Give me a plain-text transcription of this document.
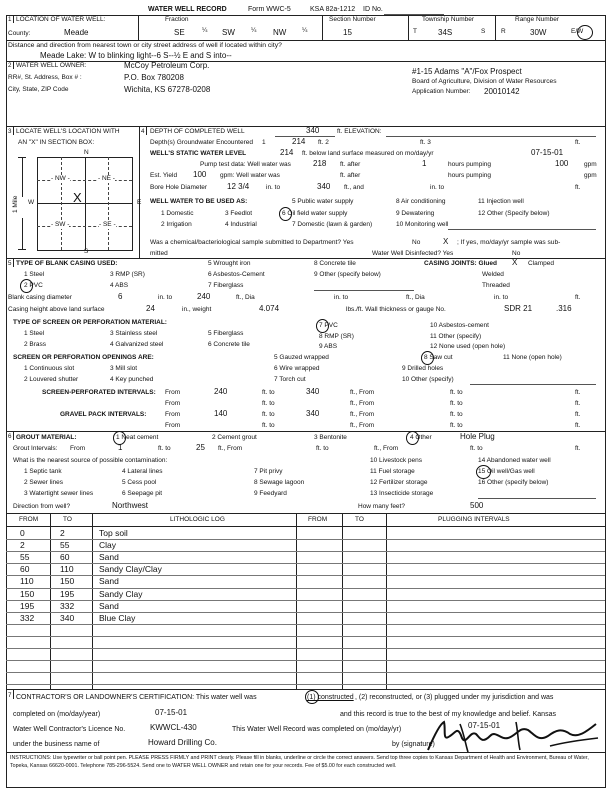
WATER WELL RECORD	Form WWC-5	KSA 82a-1212 ID No.
1 LOCATION OF WATER WELL:	Fraction	Section Number	Township Number	Range Number
County:	Meade	SE	¼ SW ¼ NW ¼	15	T	34S	S R	30W	E/W
Distance and direction from nearest town or city street address of well if located within city?
Meade Lake: W to blinking light--6 S--½ E and S into--
2 WATER WELL OWNER:	McCoy Petroleum Corp.
RR#, St. Address, Box # :	P.O. Box 780208
City, State, ZIP Code	Wichita, KS 67278-0208
#1-15 Adams "A"/Fox Prospect
Board of Agriculture, Division of Water Resources
Application Number: 20010142
3 LOCATE WELL'S LOCATION WITH
AN "X" IN SECTION BOX:
N
S
W	E
1 Mile
- NW -	- NE -
- SW -	- SE -
X
4 DEPTH OF COMPLETED WELL	340	ft. ELEVATION:
Depth(s) Groundwater Encountered 1	214 ft. 2	ft. 3	ft.
WELL'S STATIC WATER LEVEL	214 ft. below land surface measured on mo/day/yr	07-15-01
Pump test data: Well water was	218 ft. after	1	hours pumping	100 gpm
Est. Yield 100 gpm: Well water was	ft. after	hours pumping	gpm
Bore Hole Diameter 12 3/4	in. to	340 ft., and	in. to	ft.
WELL WATER TO BE USED AS:	5 Public water supply	8 Air conditioning	11 Injection well
1 Domestic	3 Feedlot	6 Oil field water supply	9 Dewatering	12 Other (Specify below)
2 Irrigation	4 Industrial	7 Domestic (lawn & garden)	10 Monitoring well
Was a chemical/bacteriological sample submitted to Department? Yes	No	X ; If yes, mo/day/yr sample was sub-
mitted	Water Well Disinfected? Yes	No
5 TYPE OF BLANK CASING USED:	5 Wrought iron	8 Concrete tile	CASING JOINTS: Glued X Clamped
1 Steel	3 RMP (SR)	6 Asbestos-Cement	9 Other (specify below)	Welded
2 PVC	4 ABS	7 Fiberglass	Threaded
Blank casing diameter	6	in. to	240	ft., Dia	in. to	ft., Dia	in. to	ft.
Casing height above land surface	24	in., weight	4.074	lbs./ft. Wall thickness or gauge No.	SDR 21	.316
TYPE OF SCREEN OR PERFORATION MATERIAL:
1 Steel	3 Stainless steel	5 Fiberglass
7 PVC	10 Asbestos-cement
2 Brass	4 Galvanized steel	6 Concrete tile
8 RMP (SR)	11 Other (specify)
9 ABS	12 None used (open hole)
SCREEN OR PERFORATION OPENINGS ARE:	5 Gauzed wrapped	8 Saw cut	11 None (open hole)
1 Continuous slot	3 Mill slot	6 Wire wrapped	9 Drilled holes
2 Louvered shutter	4 Key punched	7 Torch cut	10 Other (specify)
SCREEN-PERFORATED INTERVALS: From	240	ft. to	340	ft., From	ft. to	ft.
From	ft. to	ft., From	ft. to	ft.
GRAVEL PACK INTERVALS:	From	140	ft. to	340	ft., From	ft. to	ft.
From	ft. to	ft., From	ft. to	ft.
6 GROUT MATERIAL:	1 Neat cement	2 Cement grout	3 Bentonite	4 Other	Hole Plug
Grout Intervals: From	1	ft. to	25 ft., From	ft. to	ft., From	ft. to	ft.
What is the nearest source of possible contamination:	10 Livestock pens	14 Abandoned water well
1 Septic tank	4 Lateral lines	7 Pit privy	11 Fuel storage	15 Oil well/Gas well
2 Sewer lines	5 Cess pool	8 Sewage lagoon	12 Fertilizer storage	16 Other (specify below)
3 Watertight sewer lines	6 Seepage pit	9 Feedyard	13 Insecticide storage
Direction from well?	Northwest	How many feet?	500
FROM	TO	LITHOLOGIC LOG	FROM	TO	PLUGGING INTERVALS
0	2	Top soil
2	55	Clay
55	60	Sand
60	110	Sandy Clay/Clay
110	150	Sand
150	195	Sandy Clay
195	332	Sand
332	340	Blue Clay
7 CONTRACTOR'S OR LANDOWNER'S CERTIFICATION: This water well was	(1) constructed , (2) reconstructed, or (3) plugged under my jurisdiction and was
completed on (mo/day/year)	07-15-01	and this record is true to the best of my knowledge and belief. Kansas
Water Well Contractor's Licence No.	KWWCL-430	This Water Well Record was completed on (mo/day/yr)	07-15-01
under the business name of	Howard Drilling Co.	by (signature)
INSTRUCTIONS: Use typewriter or ball point pen. PLEASE PRESS FIRMLY and PRINT clearly. Please fill in blanks, underline or circle the correct answers. Send top three copies to Kansas Department of Health and Environment, Bureau of Water, Topeka, Kansas 66620-0001. Telephone 785-296-5524. Send one to WATER WELL OWNER and retain one for your records. Fee of $5.00 for each constructed well.
